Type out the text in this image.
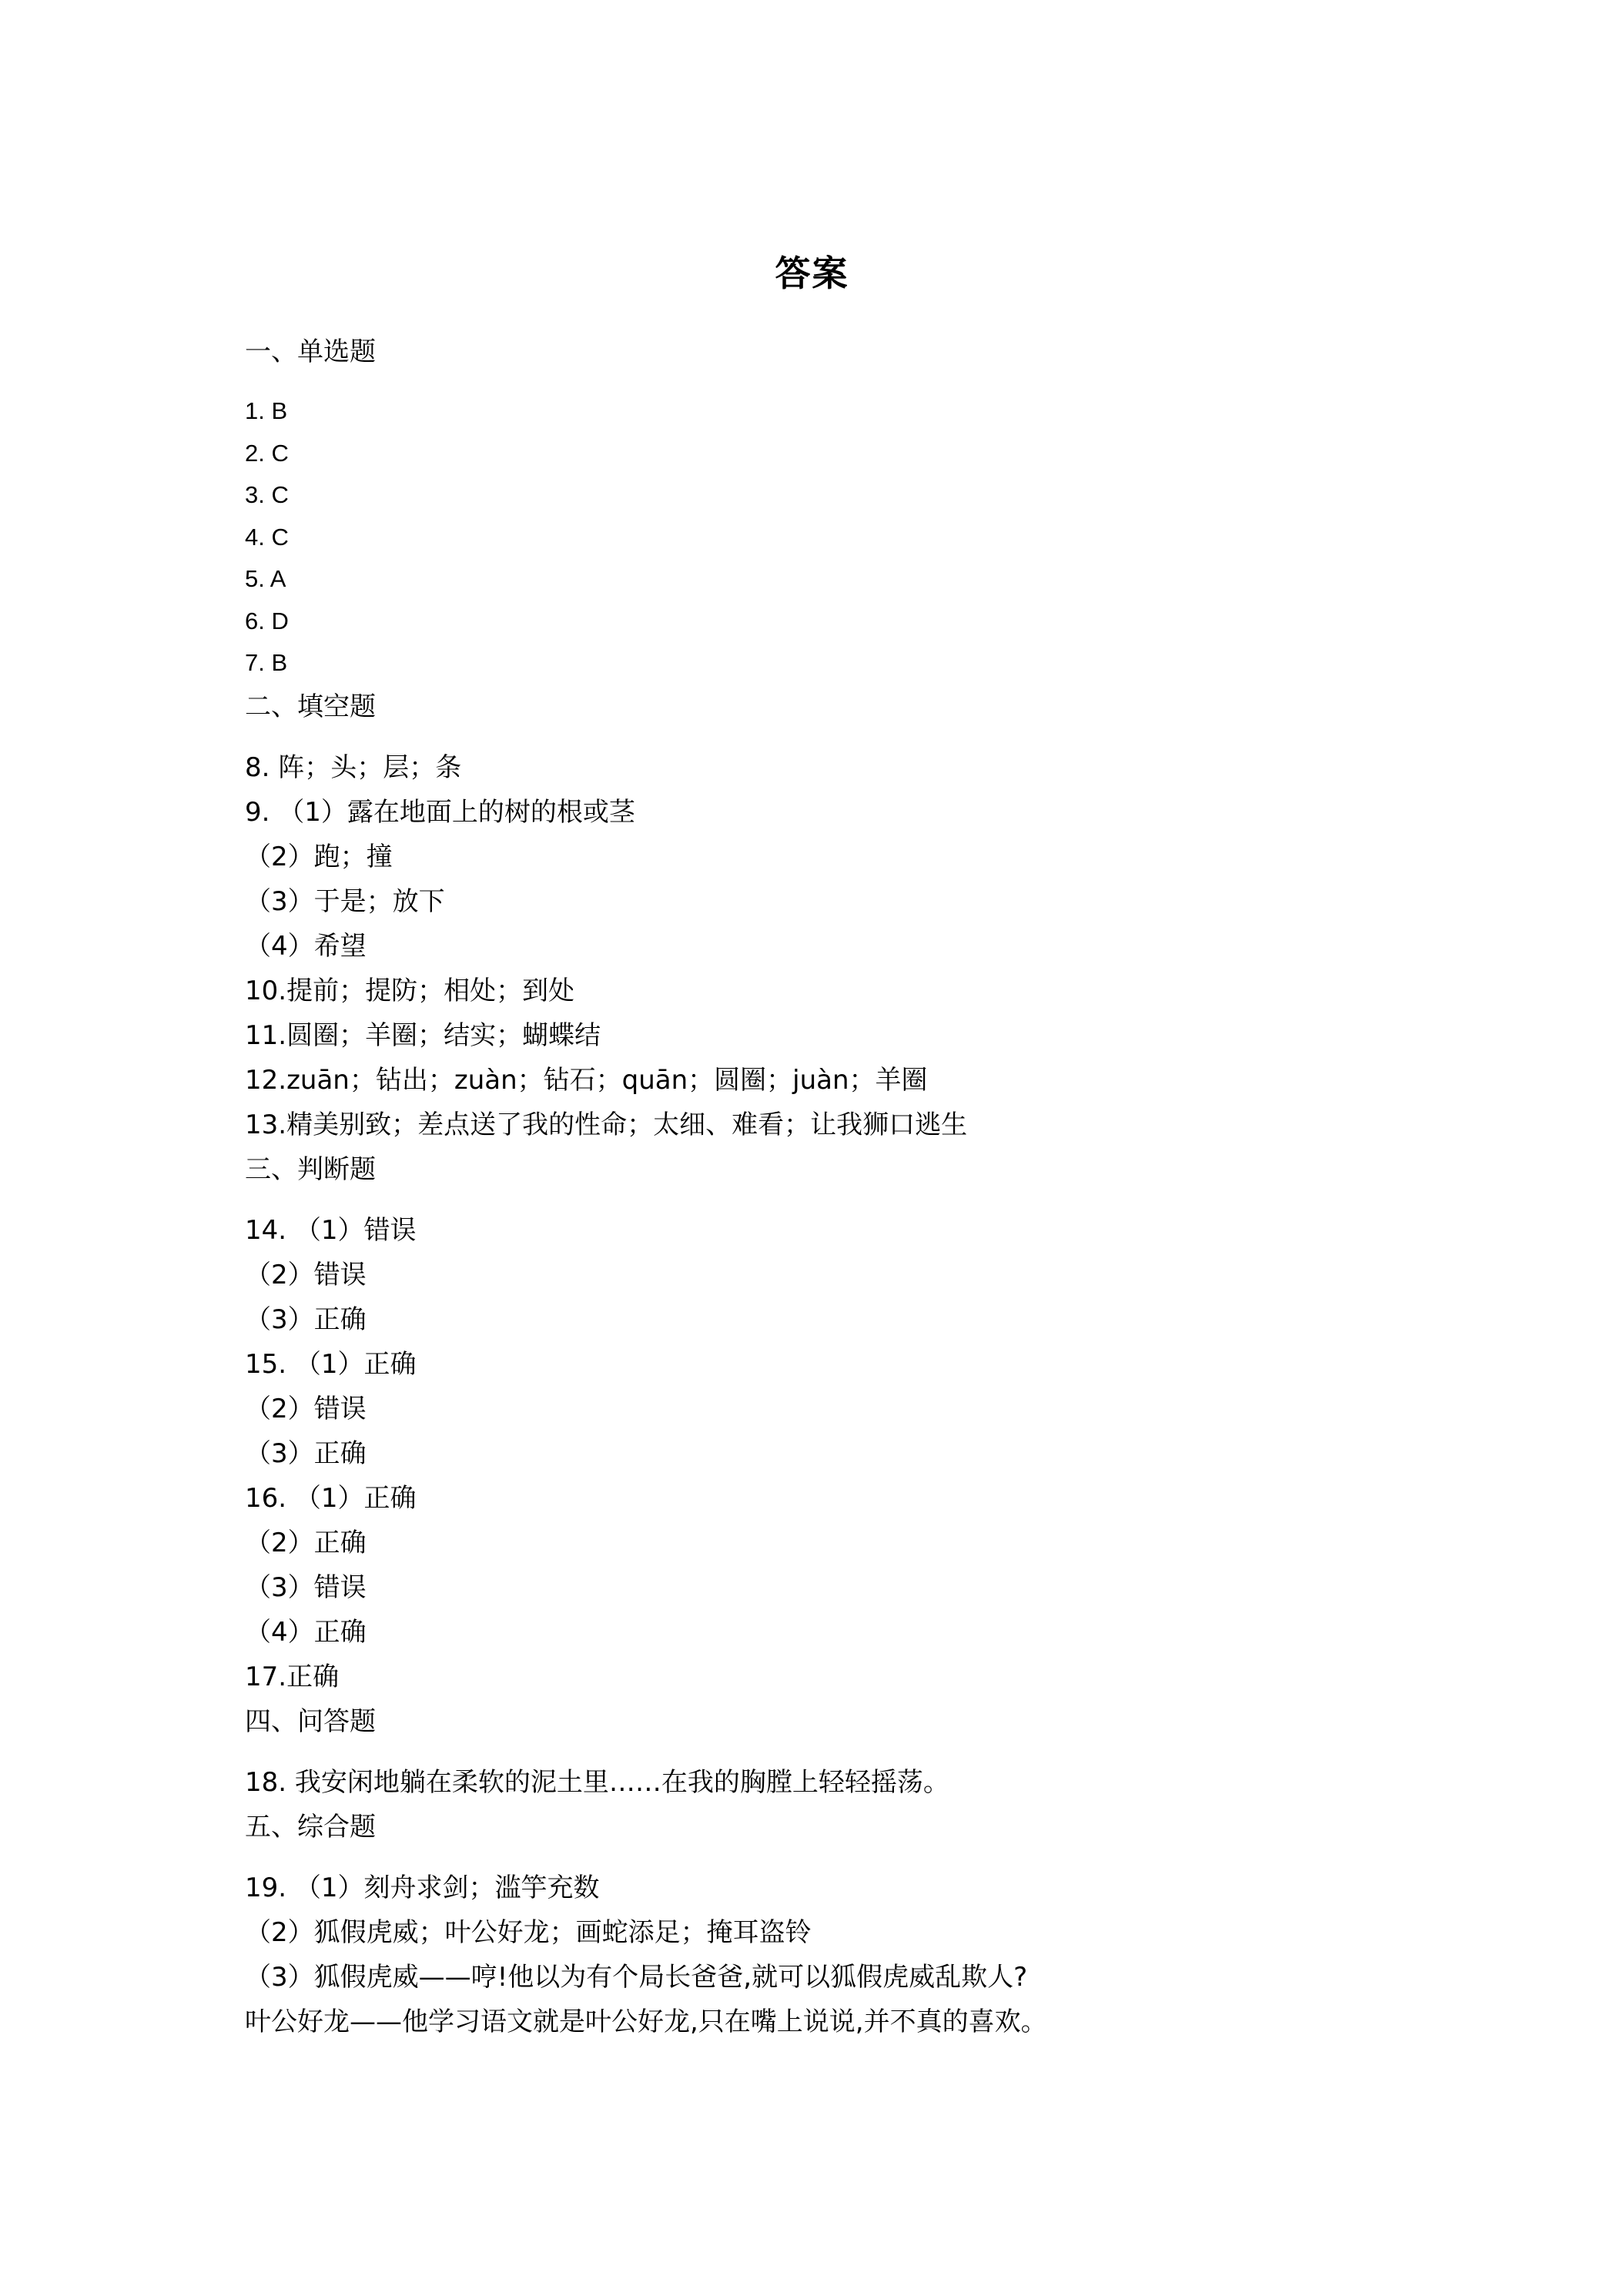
答案
一、单选题
1. B
2. C
3. C
4. C
5. A
6. D
7. B
二、填空题
8. 阵；头；层；条
9. （1）露在地面上的树的根或茎
（2）跑；撞
（3）于是；放下
（4）希望
10.提前；提防；相处；到处
11.圆圈；羊圈；结实；蝴蝶结
12.zuān；钻出；zuàn；钻石；quān；圆圈；juàn；羊圈
13.精美别致；差点送了我的性命；太细、难看；让我狮口逃生
三、判断题
14. （1）错误
（2）错误
（3）正确
15. （1）正确
（2）错误
（3）正确
16. （1）正确
（2）正确
（3）错误
（4）正确
17.正确
四、问答题
18. 我安闲地躺在柔软的泥土里……在我的胸膛上轻轻摇荡。
五、综合题
19. （1）刻舟求剑；滥竽充数
（2）狐假虎威；叶公好龙；画蛇添足；掩耳盗铃
（3）狐假虎威——哼!他以为有个局长爸爸,就可以狐假虎威乱欺人?
叶公好龙——他学习语文就是叶公好龙,只在嘴上说说,并不真的喜欢。
